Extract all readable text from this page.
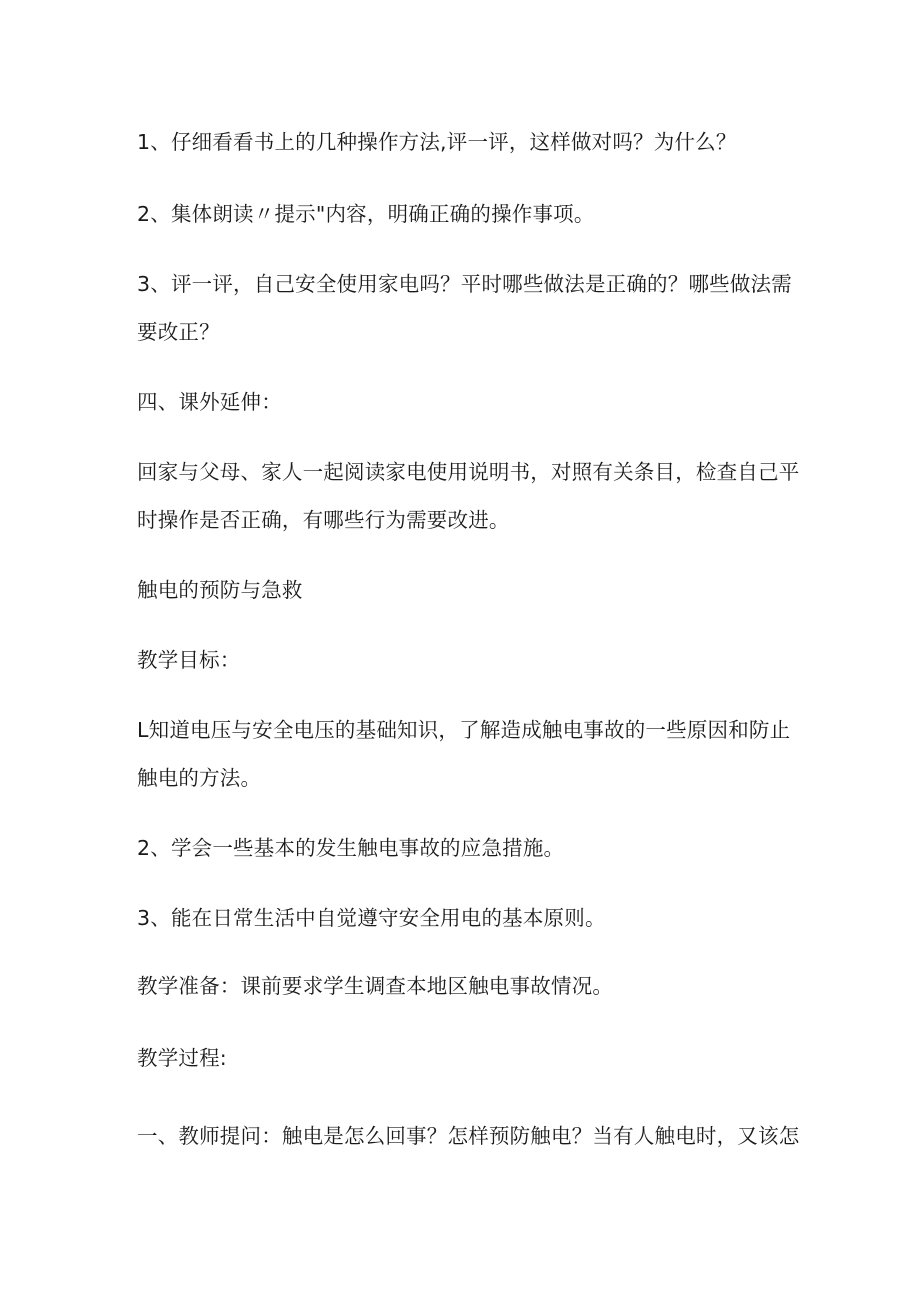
1、仔细看看书上的几种操作方法,评一评，这样做对吗？为什么？

2、集体朗读〃提示"内容，明确正确的操作事项。

3、评一评，自己安全使用家电吗？平时哪些做法是正确的？哪些做法需
要改正？

四、课外延伸：

回家与父母、家人一起阅读家电使用说明书，对照有关条目，检查自己平
时操作是否正确，有哪些行为需要改进。

触电的预防与急救

教学目标：

L知道电压与安全电压的基础知识，了解造成触电事故的一些原因和防止
触电的方法。

2、学会一些基本的发生触电事故的应急措施。

3、能在日常生活中自觉遵守安全用电的基本原则。

教学准备：课前要求学生调查本地区触电事故情况。

教学过程:

一、教师提问：触电是怎么回事？怎样预防触电？当有人触电时，又该怎
